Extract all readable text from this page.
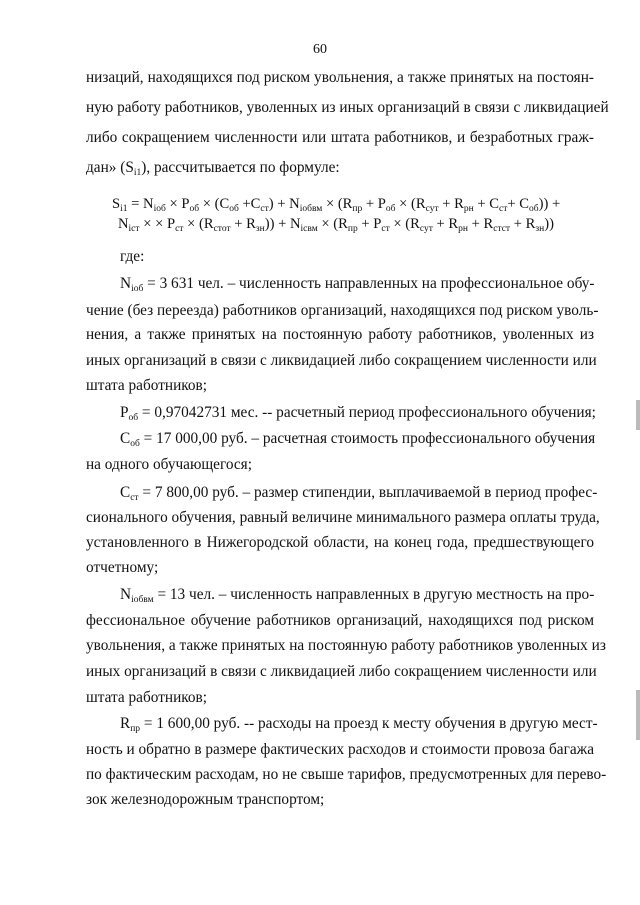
60
низаций, находящихся под риском увольнения, а также принятых на постоян-
ную работу работников, уволенных из иных организаций в связи с ликвидацией
либо сокращением численности или штата работников, и безработных граж-
дан» $(S_{i1})$, рассчитывается по формуле:
$S_{i1} = N_{iоб} \times P_{об} \times (C_{об} +C_{ст}) + N_{iобвм} \times (R_{пр} + P_{об} \times (R_{сут} + R_{рн} + C_{ст}+ C_{об}))$ +
$N_{iст}$ × × $P_{ст} \times (R_{стот} + R_{зн})) + N_{iсвм} \times (R_{пр} + P_{ст} \times (R_{сут} + R_{рн} + R_{стст} + R_{зн}))$
где:
$N_{iоб} = 3$ 631 чел. – численность направленных на профессиональное обу-
чение (без переезда) работников организаций, находящихся под риском уволь-
нения, а также принятых на постоянную работу работников, уволенных из
иных организаций в связи с ликвидацией либо сокращением численности или
штата работников;
$P_{об} = 0,97042731$ мес. -- расчетный период профессионального обучения;
$C_{об} = 17$ 000,00 руб. – расчетная стоимость профессионального обучения
на одного обучающегося;
$C_{ст} = 7$ 800,00 руб. – размер стипендии, выплачиваемой в период профес-
сионального обучения, равный величине минимального размера оплаты труда,
установленного в Нижегородской области, на конец года, предшествующего
отчетному;
$N_{iобвм} = 13$ чел. – численность направленных в другую местность на про-
фессиональное обучение работников организаций, находящихся под риском
увольнения, а также принятых на постоянную работу работников уволенных из
иных организаций в связи с ликвидацией либо сокращением численности или
штата работников;
$R_{пр} = 1$ 600,00 руб. -- расходы на проезд к месту обучения в другую мест-
ность и обратно в размере фактических расходов и стоимости провоза багажа
по фактическим расходам, но не свыше тарифов, предусмотренных для перево-
зок железнодорожным транспортом;
